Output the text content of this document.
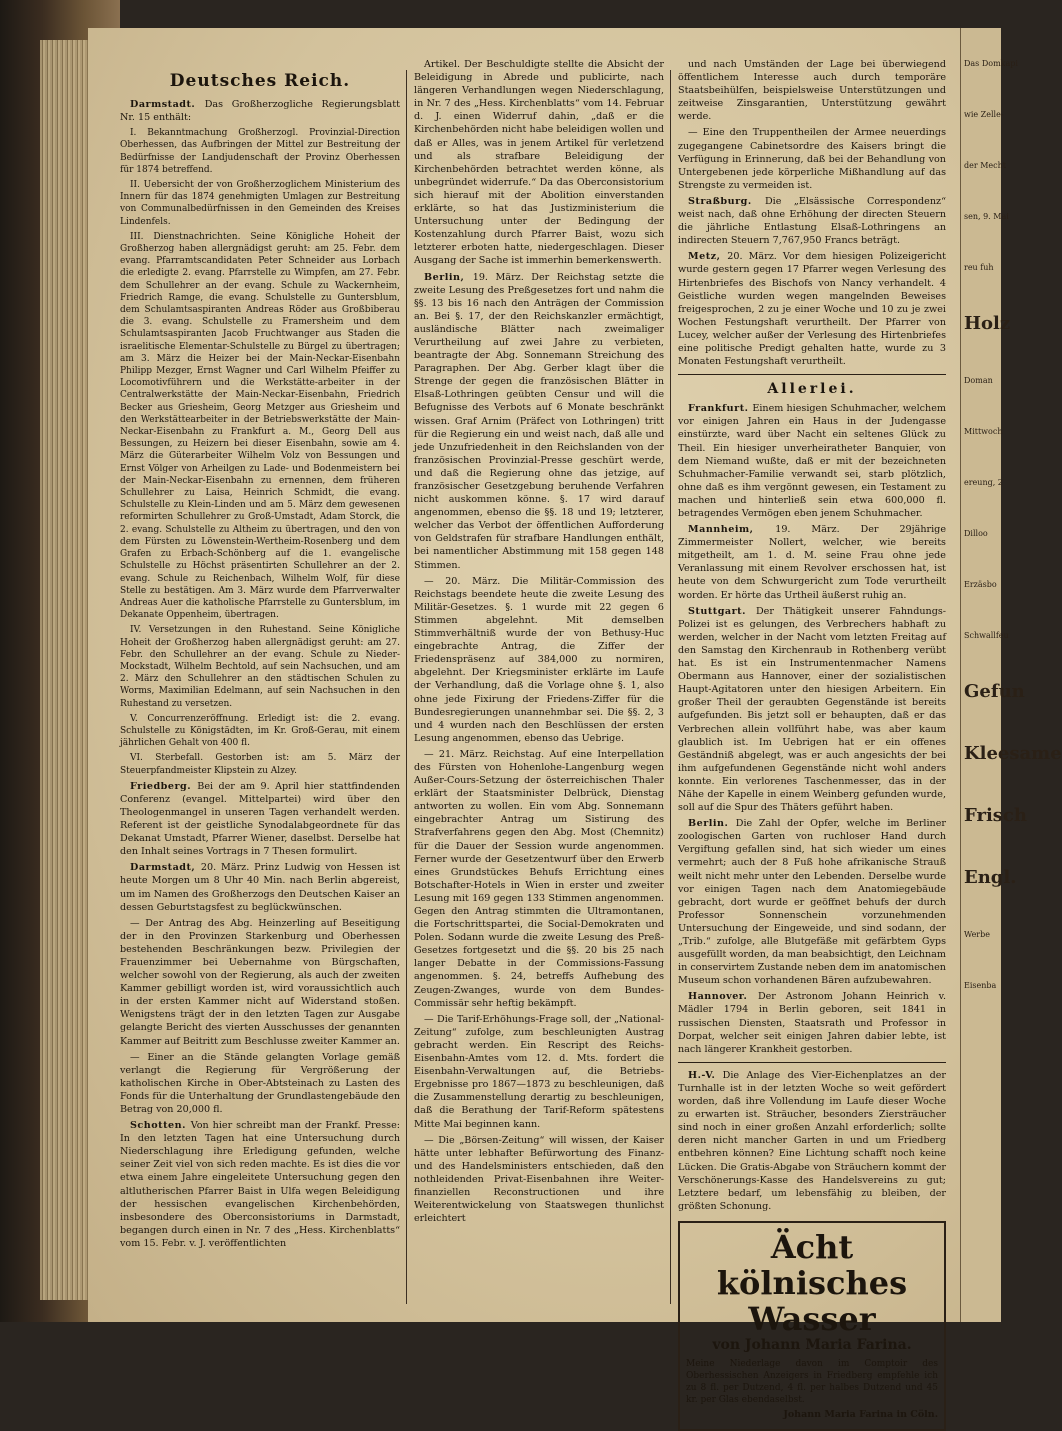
Deutsches Reich.

Darmstadt. Das Großherzogliche Regierungsblatt Nr. 15 enthält:

I. Bekanntmachung Großherzogl. Provinzial-Direction Oberhessen, das Aufbringen der Mittel zur Bestreitung der Bedürfnisse der Landjudenschaft der Provinz Oberhessen für 1874 betreffend.

II. Uebersicht der von Großherzoglichem Ministerium des Innern für das 1874 genehmigten Umlagen zur Bestreitung von Communalbedürfnissen in den Gemeinden des Kreises Lindenfels.

III. Dienstnachrichten. Seine Königliche Hoheit der Großherzog haben allergnädigst geruht: am 25. Febr. dem evang. Pfarramtscandidaten Peter Schneider aus Lorbach die erledigte 2. evang. Pfarrstelle zu Wimpfen, am 27. Febr. dem Schullehrer an der evang. Schule zu Wackernheim, Friedrich Ramge, die evang. Schulstelle zu Guntersblum, dem Schulamtsaspiranten Andreas Röder aus Großbiberau die 3. evang. Schulstelle zu Framersheim und dem Schulamtsaspiranten Jacob Fruchtwanger aus Staden die israelitische Elementar-Schulstelle zu Bürgel zu übertragen; am 3. März die Heizer bei der Main-Neckar-Eisenbahn Philipp Mezger, Ernst Wagner und Carl Wilhelm Pfeiffer zu Locomotivführern und die Werkstätte-arbeiter in der Centralwerkstätte der Main-Neckar-Eisenbahn, Friedrich Becker aus Griesheim, Georg Metzger aus Griesheim und den Werkstättearbeiter in der Betriebswerkstätte der Main-Neckar-Eisenbahn zu Frankfurt a. M., Georg Dell aus Bessungen, zu Heizern bei dieser Eisenbahn, sowie am 4. März die Güterarbeiter Wilhelm Volz von Bessungen und Ernst Völger von Arheilgen zu Lade- und Bodenmeistern bei der Main-Neckar-Eisenbahn zu ernennen, dem früheren Schullehrer zu Laisa, Heinrich Schmidt, die evang. Schulstelle zu Klein-Linden und am 5. März dem gewesenen reformirten Schullehrer zu Groß-Umstadt, Adam Storck, die 2. evang. Schulstelle zu Altheim zu übertragen, und den von dem Fürsten zu Löwenstein-Wertheim-Rosenberg und dem Grafen zu Erbach-Schönberg auf die 1. evangelische Schulstelle zu Höchst präsentirten Schullehrer an der 2. evang. Schule zu Reichenbach, Wilhelm Wolf, für diese Stelle zu bestätigen. Am 3. März wurde dem Pfarrverwalter Andreas Auer die katholische Pfarrstelle zu Guntersblum, im Dekanate Oppenheim, übertragen.

IV. Versetzungen in den Ruhestand. Seine Königliche Hoheit der Großherzog haben allergnädigst geruht: am 27. Febr. den Schullehrer an der evang. Schule zu Nieder-Mockstadt, Wilhelm Bechtold, auf sein Nachsuchen, und am 2. März den Schullehrer an den städtischen Schulen zu Worms, Maximilian Edelmann, auf sein Nachsuchen in den Ruhestand zu versetzen.

V. Concurrenzeröffnung. Erledigt ist: die 2. evang. Schulstelle zu Königstädten, im Kr. Groß-Gerau, mit einem jährlichen Gehalt von 400 fl.

VI. Sterbefall. Gestorben ist: am 5. März der Steuerpfandmeister Klipstein zu Alzey.

Friedberg. Bei der am 9. April hier stattfindenden Conferenz (evangel. Mittelpartei) wird über den Theologenmangel in unseren Tagen verhandelt werden. Referent ist der geistliche Synodalabgeordnete für das Dekanat Umstadt, Pfarrer Wiener, daselbst. Derselbe hat den Inhalt seines Vortrags in 7 Thesen formulirt.

Darmstadt, 20. März. Prinz Ludwig von Hessen ist heute Morgen um 8 Uhr 40 Min. nach Berlin abgereist, um im Namen des Großherzogs den Deutschen Kaiser an dessen Geburtstagsfest zu beglückwünschen.

— Der Antrag des Abg. Heinzerling auf Beseitigung der in den Provinzen Starkenburg und Oberhessen bestehenden Beschränkungen bezw. Privilegien der Frauenzimmer bei Uebernahme von Bürgschaften, welcher sowohl von der Regierung, als auch der zweiten Kammer gebilligt worden ist, wird voraussichtlich auch in der ersten Kammer nicht auf Widerstand stoßen. Wenigstens trägt der in den letzten Tagen zur Ausgabe gelangte Bericht des vierten Ausschusses der genannten Kammer auf Beitritt zum Beschlusse zweiter Kammer an.

— Einer an die Stände gelangten Vorlage gemäß verlangt die Regierung für Vergrößerung der katholischen Kirche in Ober-Abtsteinach zu Lasten des Fonds für die Unterhaltung der Grundlastengebäude den Betrag von 20,000 fl.

Schotten. Von hier schreibt man der Frankf. Presse: In den letzten Tagen hat eine Untersuchung durch Niederschlagung ihre Erledigung gefunden, welche seiner Zeit viel von sich reden machte. Es ist dies die vor etwa einem Jahre eingeleitete Untersuchung gegen den altlutherischen Pfarrer Baist in Ulfa wegen Beleidigung der hessischen evangelischen Kirchenbehörden, insbesondere des Oberconsistoriums in Darmstadt, begangen durch einen in Nr. 7 des „Hess. Kirchenblatts“ vom 15. Febr. v. J. veröffentlichten

Artikel. Der Beschuldigte stellte die Absicht der Beleidigung in Abrede und publicirte, nach längeren Verhandlungen wegen Niederschlagung, in Nr. 7 des „Hess. Kirchenblatts“ vom 14. Februar d. J. einen Widerruf dahin, „daß er die Kirchenbehörden nicht habe beleidigen wollen und daß er Alles, was in jenem Artikel für verletzend und als strafbare Beleidigung der Kirchenbehörden betrachtet werden könne, als unbegründet widerrufe.“ Da das Oberconsistorium sich hierauf mit der Abolition einverstanden erklärte, so hat das Justizministerium die Untersuchung unter der Bedingung der Kostenzahlung durch Pfarrer Baist, wozu sich letzterer erboten hatte, niedergeschlagen. Dieser Ausgang der Sache ist immerhin bemerkenswerth.

Berlin, 19. März. Der Reichstag setzte die zweite Lesung des Preßgesetzes fort und nahm die §§. 13 bis 16 nach den Anträgen der Commission an. Bei §. 17, der den Reichskanzler ermächtigt, ausländische Blätter nach zweimaliger Verurtheilung auf zwei Jahre zu verbieten, beantragte der Abg. Sonnemann Streichung des Paragraphen. Der Abg. Gerber klagt über die Strenge der gegen die französischen Blätter in Elsaß-Lothringen geübten Censur und will die Befugnisse des Verbots auf 6 Monate beschränkt wissen. Graf Arnim (Präfect von Lothringen) tritt für die Regierung ein und weist nach, daß alle und jede Unzufriedenheit in den Reichslanden von der französischen Provinzial-Presse geschürt werde, und daß die Regierung ohne das jetzige, auf französischer Gesetzgebung beruhende Verfahren nicht auskommen könne. §. 17 wird darauf angenommen, ebenso die §§. 18 und 19; letzterer, welcher das Verbot der öffentlichen Aufforderung von Geldstrafen für strafbare Handlungen enthält, bei namentlicher Abstimmung mit 158 gegen 148 Stimmen.

— 20. März. Die Militär-Commission des Reichstags beendete heute die zweite Lesung des Militär-Gesetzes. §. 1 wurde mit 22 gegen 6 Stimmen abgelehnt. Mit demselben Stimmverhältniß wurde der von Bethusy-Huc eingebrachte Antrag, die Ziffer der Friedenspräsenz auf 384,000 zu normiren, abgelehnt. Der Kriegsminister erklärte im Laufe der Verhandlung, daß die Vorlage ohne §. 1, also ohne jede Fixirung der Friedens-Ziffer für die Bundesregierungen unannehmbar sei. Die §§. 2, 3 und 4 wurden nach den Beschlüssen der ersten Lesung angenommen, ebenso das Uebrige.

— 21. März. Reichstag. Auf eine Interpellation des Fürsten von Hohenlohe-Langenburg wegen Außer-Cours-Setzung der österreichischen Thaler erklärt der Staatsminister Delbrück, Dienstag antworten zu wollen. Ein vom Abg. Sonnemann eingebrachter Antrag um Sistirung des Strafverfahrens gegen den Abg. Most (Chemnitz) für die Dauer der Session wurde angenommen. Ferner wurde der Gesetzentwurf über den Erwerb eines Grundstückes Behufs Errichtung eines Botschafter-Hotels in Wien in erster und zweiter Lesung mit 169 gegen 133 Stimmen angenommen. Gegen den Antrag stimmten die Ultramontanen, die Fortschrittspartei, die Social-Demokraten und Polen. Sodann wurde die zweite Lesung des Preß-Gesetzes fortgesetzt und die §§. 20 bis 25 nach langer Debatte in der Commissions-Fassung angenommen. §. 24, betreffs Aufhebung des Zeugen-Zwanges, wurde von dem Bundes-Commissär sehr heftig bekämpft.

— Die Tarif-Erhöhungs-Frage soll, der „National-Zeitung“ zufolge, zum beschleunigten Austrag gebracht werden. Ein Rescript des Reichs-Eisenbahn-Amtes vom 12. d. Mts. fordert die Eisenbahn-Verwaltungen auf, die Betriebs-Ergebnisse pro 1867—1873 zu beschleunigen, daß die Zusammenstellung derartig zu beschleunigen, daß die Berathung der Tarif-Reform spätestens Mitte Mai beginnen kann.

— Die „Börsen-Zeitung“ will wissen, der Kaiser hätte unter lebhafter Befürwortung des Finanz- und des Handelsministers entschieden, daß den nothleidenden Privat-Eisenbahnen ihre Weiter-finanziellen Reconstructionen und ihre Weiterentwickelung von Staatswegen thunlichst erleichtert

und nach Umständen der Lage bei überwiegend öffentlichem Interesse auch durch temporäre Staatsbeihülfen, beispielsweise Unterstützungen und zeitweise Zinsgarantien, Unterstützung gewährt werde.

— Eine den Truppentheilen der Armee neuerdings zugegangene Cabinetsordre des Kaisers bringt die Verfügung in Erinnerung, daß bei der Behandlung von Untergebenen jede körperliche Mißhandlung auf das Strengste zu vermeiden ist.

Straßburg. Die „Elsässische Correspondenz“ weist nach, daß ohne Erhöhung der directen Steuern die jährliche Entlastung Elsaß-Lothringens an indirecten Steuern 7,767,950 Francs beträgt.

Metz, 20. März. Vor dem hiesigen Polizeigericht wurde gestern gegen 17 Pfarrer wegen Verlesung des Hirtenbriefes des Bischofs von Nancy verhandelt. 4 Geistliche wurden wegen mangelnden Beweises freigesprochen, 2 zu je einer Woche und 10 zu je zwei Wochen Festungshaft verurtheilt. Der Pfarrer von Lucey, welcher außer der Verlesung des Hirtenbriefes eine politische Predigt gehalten hatte, wurde zu 3 Monaten Festungshaft verurtheilt.

Allerlei.

Frankfurt. Einem hiesigen Schuhmacher, welchem vor einigen Jahren ein Haus in der Judengasse einstürzte, ward über Nacht ein seltenes Glück zu Theil. Ein hiesiger unverheiratheter Banquier, von dem Niemand wußte, daß er mit der bezeichneten Schuhmacher-Familie verwandt sei, starb plötzlich, ohne daß es ihm vergönnt gewesen, ein Testament zu machen und hinterließ sein etwa 600,000 fl. betragendes Vermögen eben jenem Schuhmacher.

Mannheim, 19. März. Der 29jährige Zimmermeister Nollert, welcher, wie bereits mitgetheilt, am 1. d. M. seine Frau ohne jede Veranlassung mit einem Revolver erschossen hat, ist heute von dem Schwurgericht zum Tode verurtheilt worden. Er hörte das Urtheil äußerst ruhig an.

Stuttgart. Der Thätigkeit unserer Fahndungs-Polizei ist es gelungen, des Verbrechers habhaft zu werden, welcher in der Nacht vom letzten Freitag auf den Samstag den Kirchenraub in Rothenberg verübt hat. Es ist ein Instrumentenmacher Namens Obermann aus Hannover, einer der sozialistischen Haupt-Agitatoren unter den hiesigen Arbeitern. Ein großer Theil der geraubten Gegenstände ist bereits aufgefunden. Bis jetzt soll er behaupten, daß er das Verbrechen allein vollführt habe, was aber kaum glaublich ist. Im Uebrigen hat er ein offenes Geständniß abgelegt, was er auch angesichts der bei ihm aufgefundenen Gegenstände nicht wohl anders konnte. Ein verlorenes Taschenmesser, das in der Nähe der Kapelle in einem Weinberg gefunden wurde, soll auf die Spur des Thäters geführt haben.

Berlin. Die Zahl der Opfer, welche im Berliner zoologischen Garten von ruchloser Hand durch Vergiftung gefallen sind, hat sich wieder um eines vermehrt; auch der 8 Fuß hohe afrikanische Strauß weilt nicht mehr unter den Lebenden. Derselbe wurde vor einigen Tagen nach dem Anatomiegebäude gebracht, dort wurde er geöffnet behufs der durch Professor Sonnenschein vorzunehmenden Untersuchung der Eingeweide, und sind sodann, der „Trib.“ zufolge, alle Blutgefäße mit gefärbtem Gyps ausgefüllt worden, da man beabsichtigt, den Leichnam in conservirtem Zustande neben dem im anatomischen Museum schon vorhandenen Bären aufzubewahren.

Hannover. Der Astronom Johann Heinrich v. Mädler 1794 in Berlin geboren, seit 1841 in russischen Diensten, Staatsrath und Professor in Dorpat, welcher seit einigen Jahren dabier lebte, ist nach längerer Krankheit gestorben.

H.-V. Die Anlage des Vier-Eichenplatzes an der Turnhalle ist in der letzten Woche so weit gefördert worden, daß ihre Vollendung im Laufe dieser Woche zu erwarten ist. Sträucher, besonders Ziersträucher sind noch in einer großen Anzahl erforderlich; sollte deren nicht mancher Garten in und um Friedberg entbehren können? Eine Lichtung schafft noch keine Lücken. Die Gratis-Abgabe von Sträuchern kommt der Verschönerungs-Kasse des Handelsvereins zu gut; Letztere bedarf, um lebensfähig zu bleiben, der größten Schonung.

Ächt kölnisches Wasser
von Johann Maria Farina.
Meine Niederlage davon im Comptoir des Oberhessischen Anzeigers in Friedberg empfehle ich zu 8 fl. per Dutzend, 4 fl. per halbes Dutzend und 45 kr. per Glas ebendaselbst.
Johann Maria Farina in Cöln.
Das Domkapi
wie Zelle-
der Mecht
sen, 9. Mai
reu fuh
Holz
Doman
Mittwoch
ereung, 2
Dilloo
Erzäsbo
Schwallfeu
Gefun
Kleesame
Frisch
Engl.
Werbe
Eisenba
